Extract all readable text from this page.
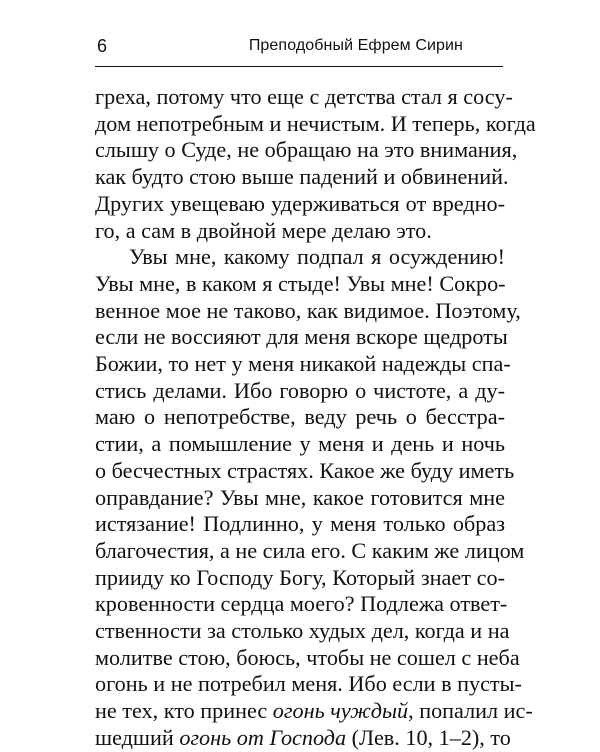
6	Преподобный Ефрем Сирин
греха, потому что еще с детства стал я сосу-
дом непотребным и нечистым. И теперь, когда
слышу о Суде, не обращаю на это внимания,
как будто стою выше падений и обвинений.
Других увещеваю удерживаться от вредно-
го, а сам в двойной мере делаю это.
Увы мне, какому подпал я осуждению!
Увы мне, в каком я стыде! Увы мне! Сокро-
венное мое не таково, как видимое. Поэтому,
если не воссияют для меня вскоре щедроты
Божии, то нет у меня никакой надежды спа-
стись делами. Ибо говорю о чистоте, а ду-
маю о непотребстве, веду речь о бесстра-
стии, а помышление у меня и день и ночь
о бесчестных страстях. Какое же буду иметь
оправдание? Увы мне, какое готовится мне
истязание! Подлинно, у меня только образ
благочестия, а не сила его. С каким же лицом
прииду ко Господу Богу, Который знает со-
кровенности сердца моего? Подлежа ответ-
ственности за столько худых дел, когда и на
молитве стою, боюсь, чтобы не сошел с неба
огонь и не потребил меня. Ибо если в пусты-
не тех, кто принес огонь чуждый, попалил ис-
шедший огонь от Господа (Лев. 10, 1–2), то
